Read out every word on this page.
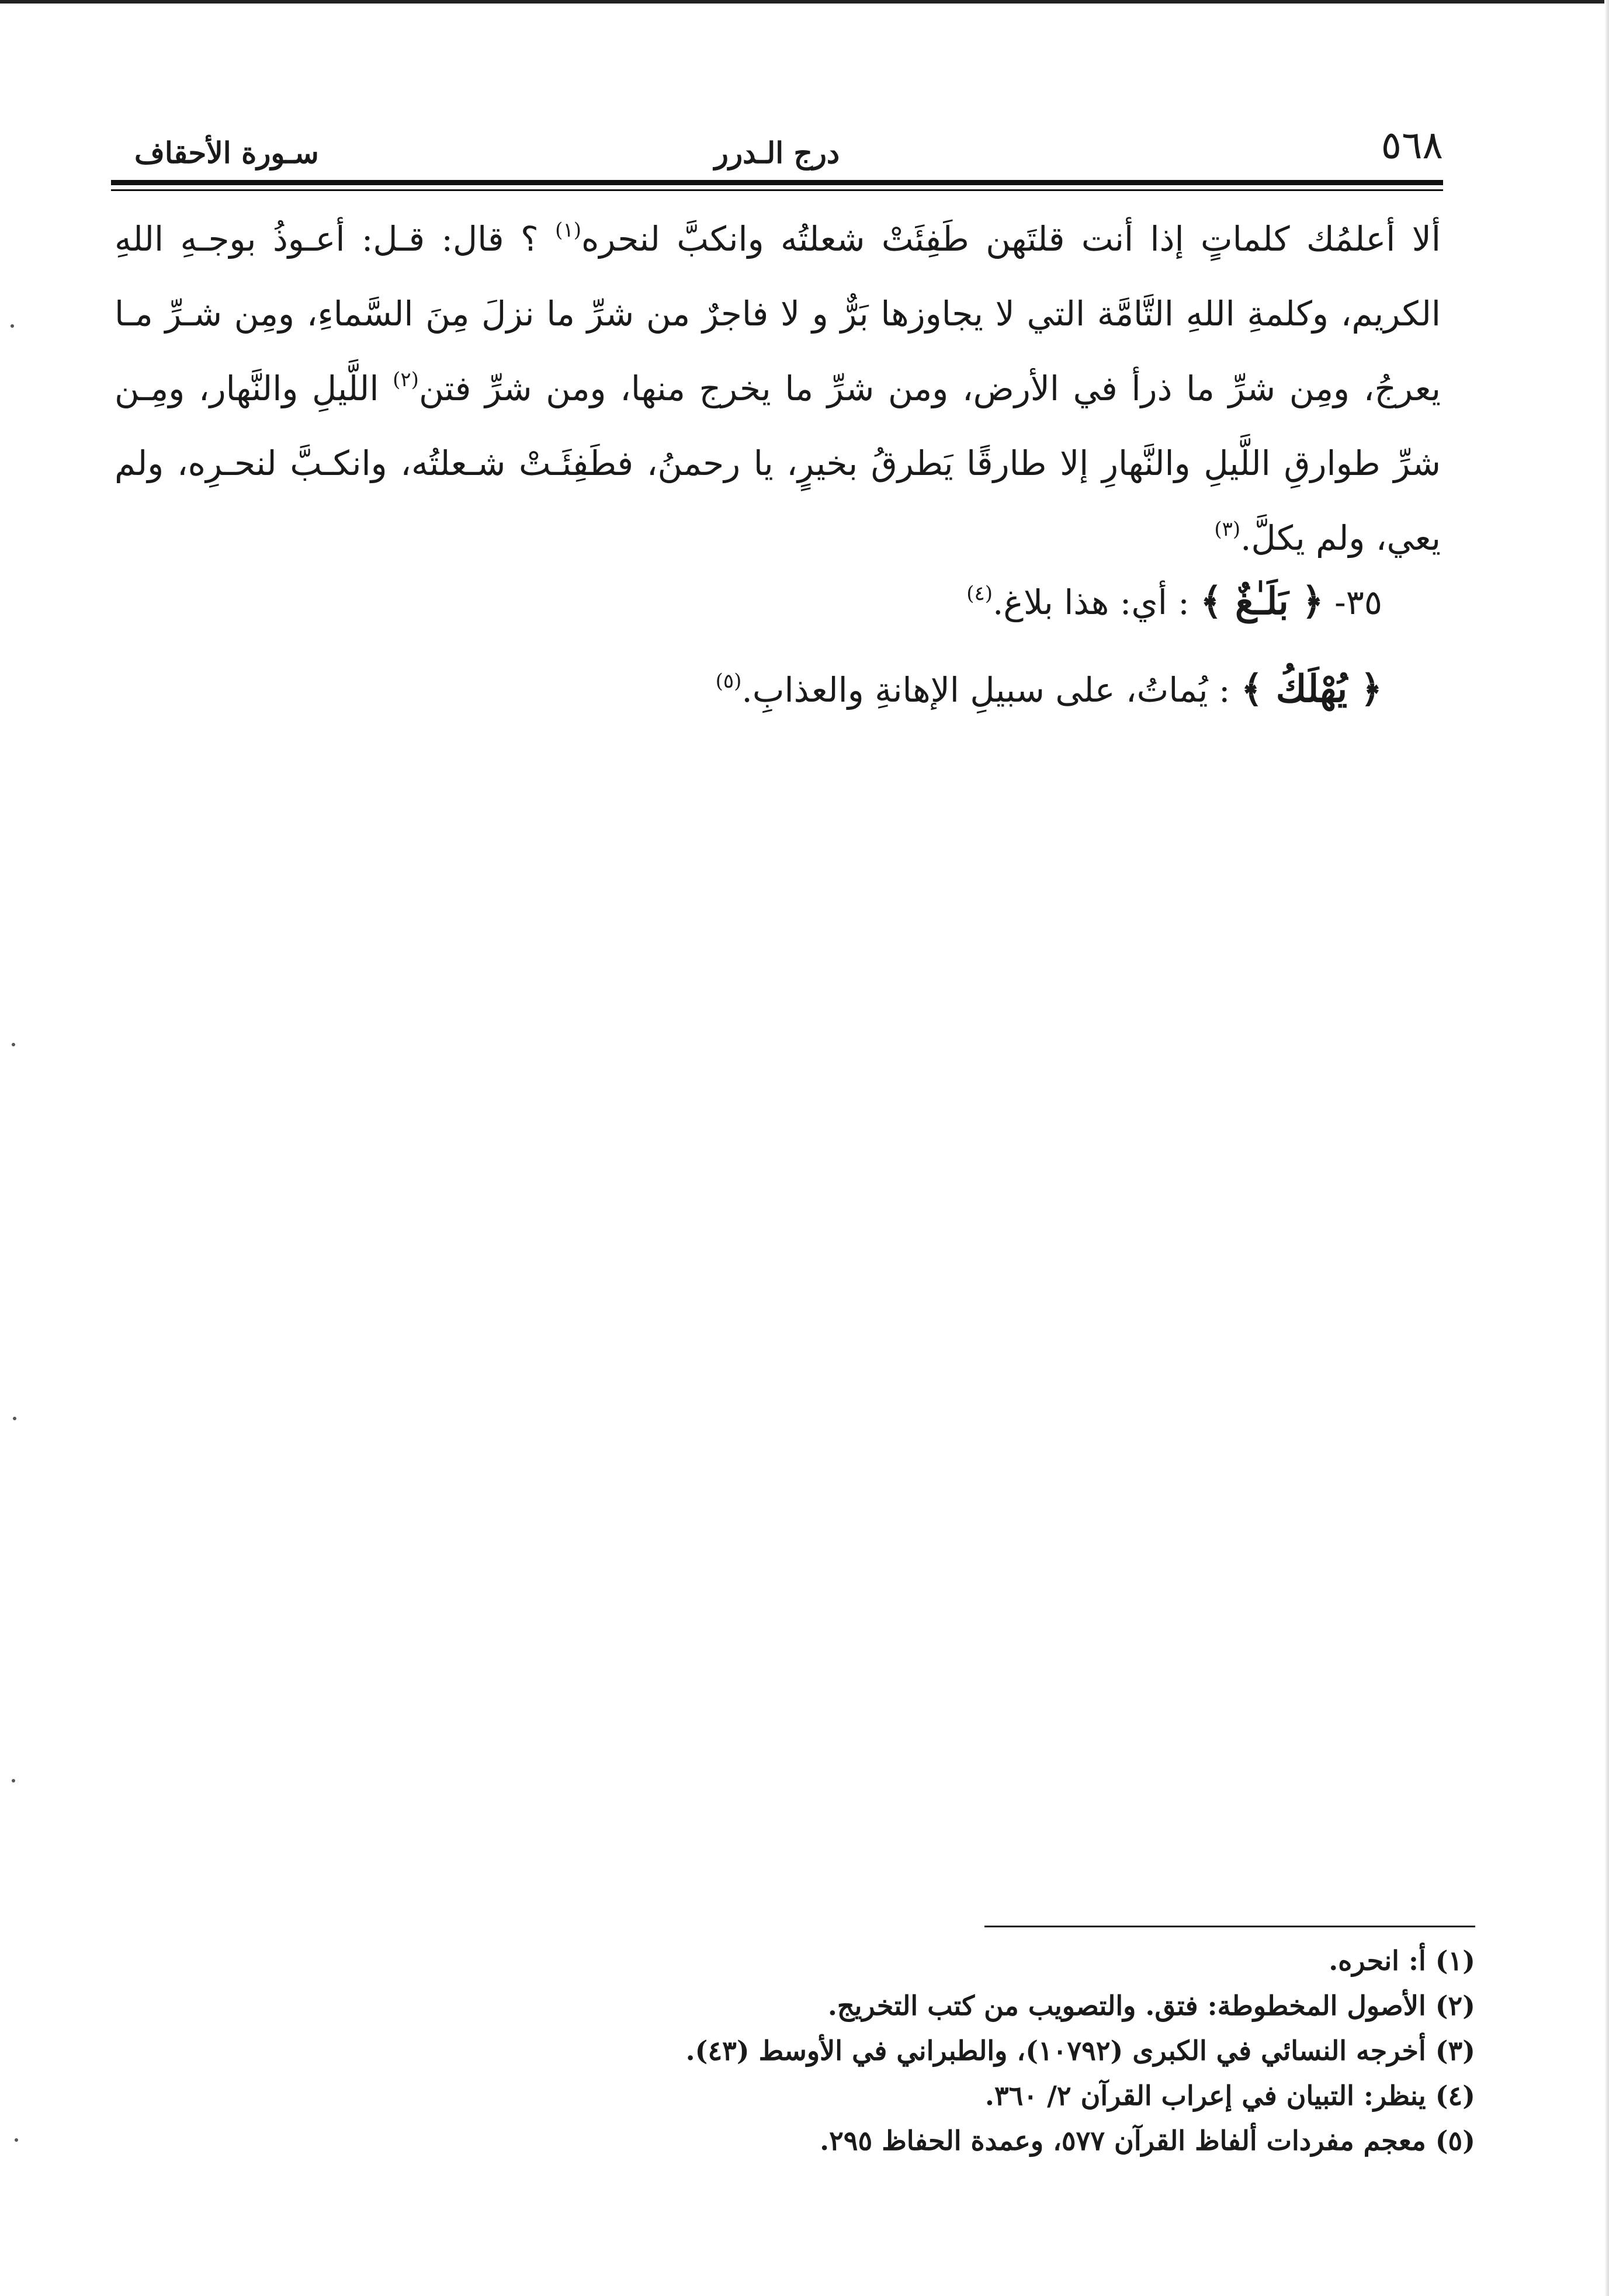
٥٦٨
درج الـدرر
سـورة الأحقاف
ألا أعلمُك كلماتٍ إذا أنت قلتَهن طَفِئَتْ شعلتُه وانكبَّ لنحره$^{(١)}$ ؟ قال: قـل: أعـوذُ بوجـهِ اللهِ الكريم، وكلمةِ اللهِ التَّامَّة التي لا يجاوزها بَرٌّ و لا فاجرٌ من شرِّ ما نزلَ مِنَ السَّماءِ، ومِن شـرِّ مـا يعرجُ، ومِن شرِّ ما ذرأ في الأرض، ومن شرِّ ما يخرج منها، ومن شرِّ فتن$^{(٢)}$ اللَّيلِ والنَّهار، ومِـن شرِّ طوارقِ اللَّيلِ والنَّهارِ إلا طارقًا يَطرقُ بخيرٍ، يا رحمنُ، فطَفِئَـتْ شـعلتُه، وانكـبَّ لنحـرِه، ولم يعي، ولم يكلَّ.$^{(٣)}$
٣٥- ﴿ بَلَـٰغٌ ﴾ : أي: هذا بلاغ.$^{(٤)}$
﴿ يُهْلَكُ ﴾ : يُماتُ، على سبيلِ الإهانةِ والعذابِ.$^{(٥)}$
(١) أ: انحره.
(٢) الأصول المخطوطة: فتق. والتصويب من كتب التخريج.
(٣) أخرجه النسائي في الكبرى (١٠٧٩٢)، والطبراني في الأوسط (٤٣).
(٤) ينظر: التبيان في إعراب القرآن ٢/ ٣٦٠.
(٥) معجم مفردات ألفاظ القرآن ٥٧٧، وعمدة الحفاظ ٢٩٥.
